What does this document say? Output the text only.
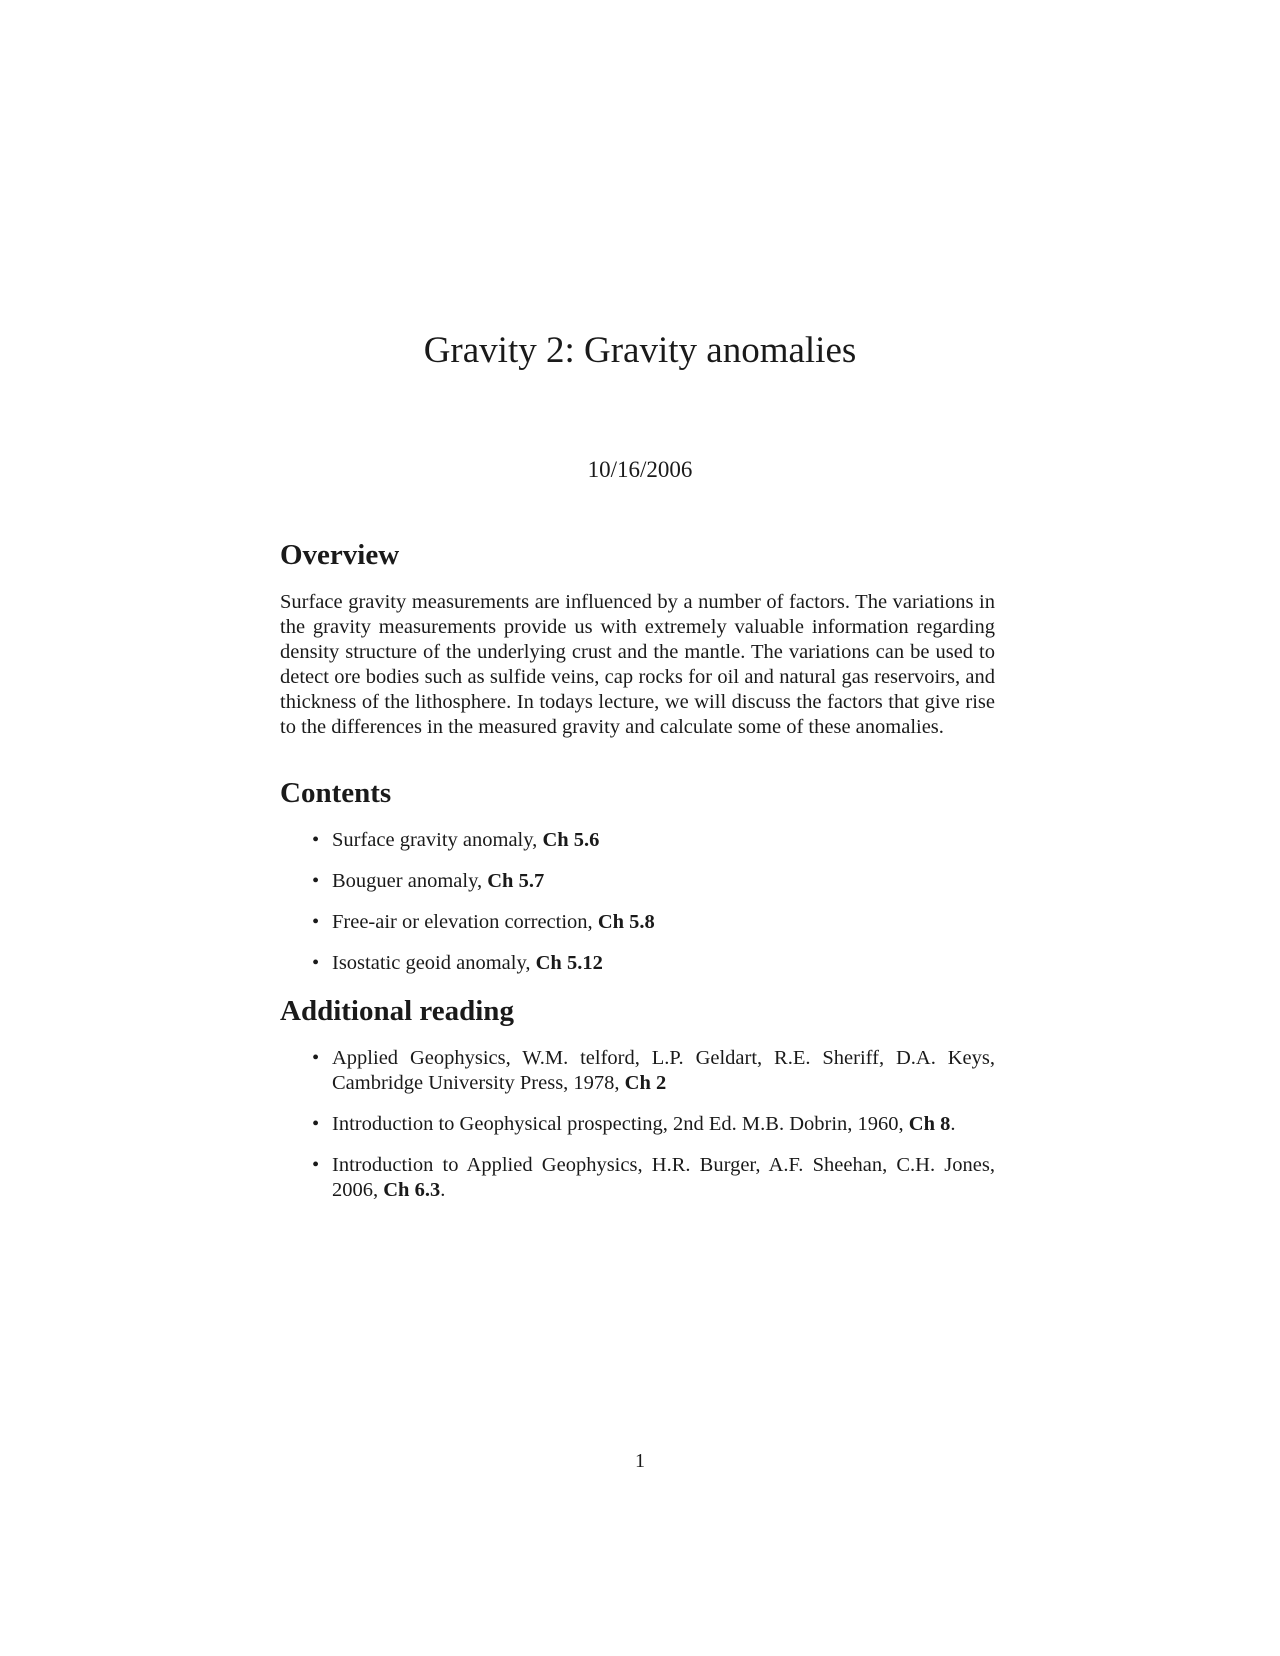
Gravity 2: Gravity anomalies
10/16/2006
Overview

Surface gravity measurements are influenced by a number of factors. The variations in the gravity measurements provide us with extremely valuable information regarding density structure of the underlying crust and the mantle. The variations can be used to detect ore bodies such as sulfide veins, cap rocks for oil and natural gas reservoirs, and thickness of the lithosphere. In todays lecture, we will discuss the factors that give rise to the differences in the measured gravity and calculate some of these anomalies.

Contents
• Surface gravity anomaly, Ch 5.6
• Bouguer anomaly, Ch 5.7
• Free-air or elevation correction, Ch 5.8
• Isostatic geoid anomaly, Ch 5.12
Additional reading
• Applied Geophysics, W.M. telford, L.P. Geldart, R.E. Sheriff, D.A. Keys, Cambridge University Press, 1978, Ch 2
• Introduction to Geophysical prospecting, 2nd Ed. M.B. Dobrin, 1960, Ch 8.
• Introduction to Applied Geophysics, H.R. Burger, A.F. Sheehan, C.H. Jones, 2006, Ch 6.3.
1
